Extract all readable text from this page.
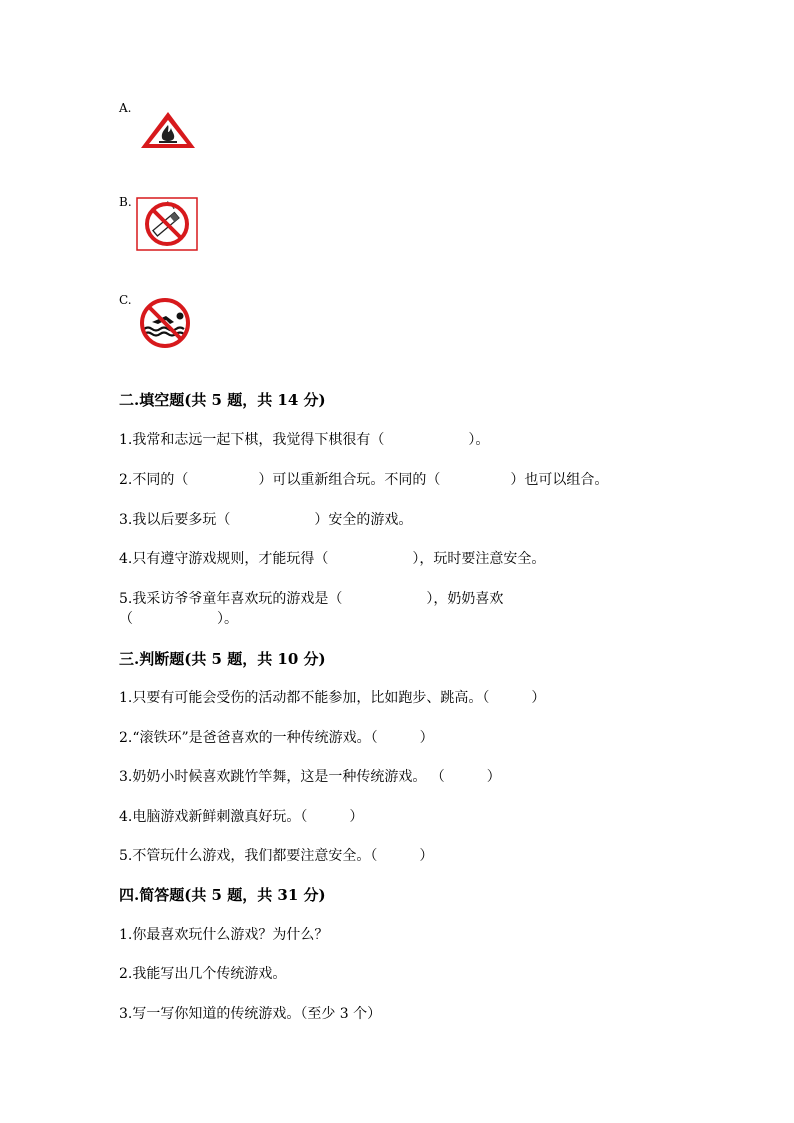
A.
B.
C.
二.填空题(共 5 题，共 14 分)
1.我常和志远一起下棋，我觉得下棋很有（　　　　　　）。
2.不同的（　　　　　）可以重新组合玩。不同的（　　　　　）也可以组合。
3.我以后要多玩（　　　　　　）安全的游戏。
4.只有遵守游戏规则，才能玩得（　　　　　　），玩时要注意安全。
5.我采访爷爷童年喜欢玩的游戏是（　　　　　　），奶奶喜欢
（　　　　　　）。
三.判断题(共 5 题，共 10 分)
1.只要有可能会受伤的活动都不能参加，比如跑步、跳高。（　　　）
2.“滚铁环”是爸爸喜欢的一种传统游戏。（　　　）
3.奶奶小时候喜欢跳竹竿舞，这是一种传统游戏。 （　　　）
4.电脑游戏新鲜刺激真好玩。（　　　）
5.不管玩什么游戏，我们都要注意安全。（　　　）
四.简答题(共 5 题，共 31 分)
1.你最喜欢玩什么游戏？为什么？
2.我能写出几个传统游戏。
3.写一写你知道的传统游戏。（至少 3 个）
